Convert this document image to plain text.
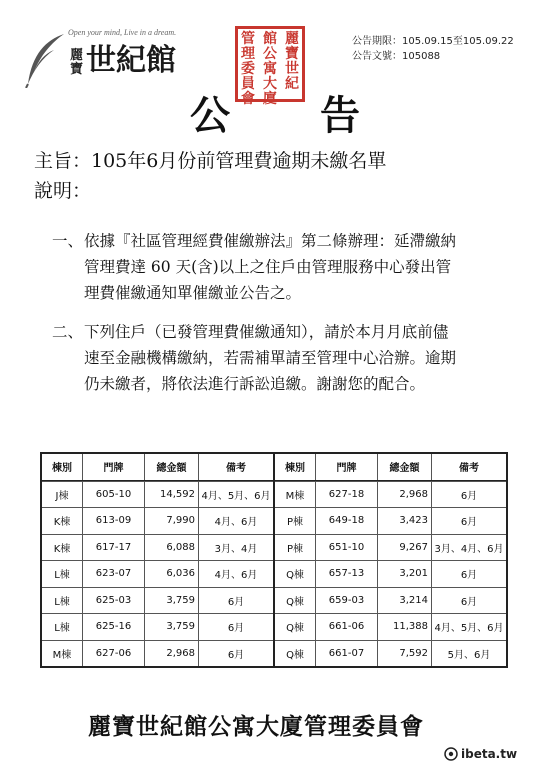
Open your mind, Live in a dream.
麗寶 世紀館
麗寶世紀
館公寓大廈
管理委員會
公告期限：105.09.15至105.09.22
公告文號：105088
公 告
主旨：105年6月份前管理費逾期未繳名單
說明：
一、 依據『社區管理經費催繳辦法』第二條辦理：延滯繳納
管理費達 60 天(含)以上之住戶由管理服務中心發出管
理費催繳通知單催繳並公告之。
二、 下列住戶（已發管理費催繳通知），請於本月月底前儘
速至金融機構繳納，若需補單請至管理中心洽辦。逾期
仍未繳者，將依法進行訴訟追繳。謝謝您的配合。
棟別	門牌	總金額	備考
J棟	605-10	14,592 4月、5月、6月
K棟	613-09	7,990	4月、6月
K棟	617-17	6,088	3月、4月
L棟	623-07	6,036	4月、6月
L棟	625-03	3,759	6月
L棟	625-16	3,759	6月
M棟	627-06	2,968	6月
棟別	門牌	總金額	備考
M棟	627-18	2,968	6月
P棟	649-18	3,423	6月
P棟	651-10	9,267 3月、4月、6月
Q棟	657-13	3,201	6月
Q棟	659-03	3,214	6月
Q棟	661-06	11,388 4月、5月、6月
Q棟	661-07	7,592	5月、6月
麗寶世紀館公寓大廈管理委員會
ibeta.tw
